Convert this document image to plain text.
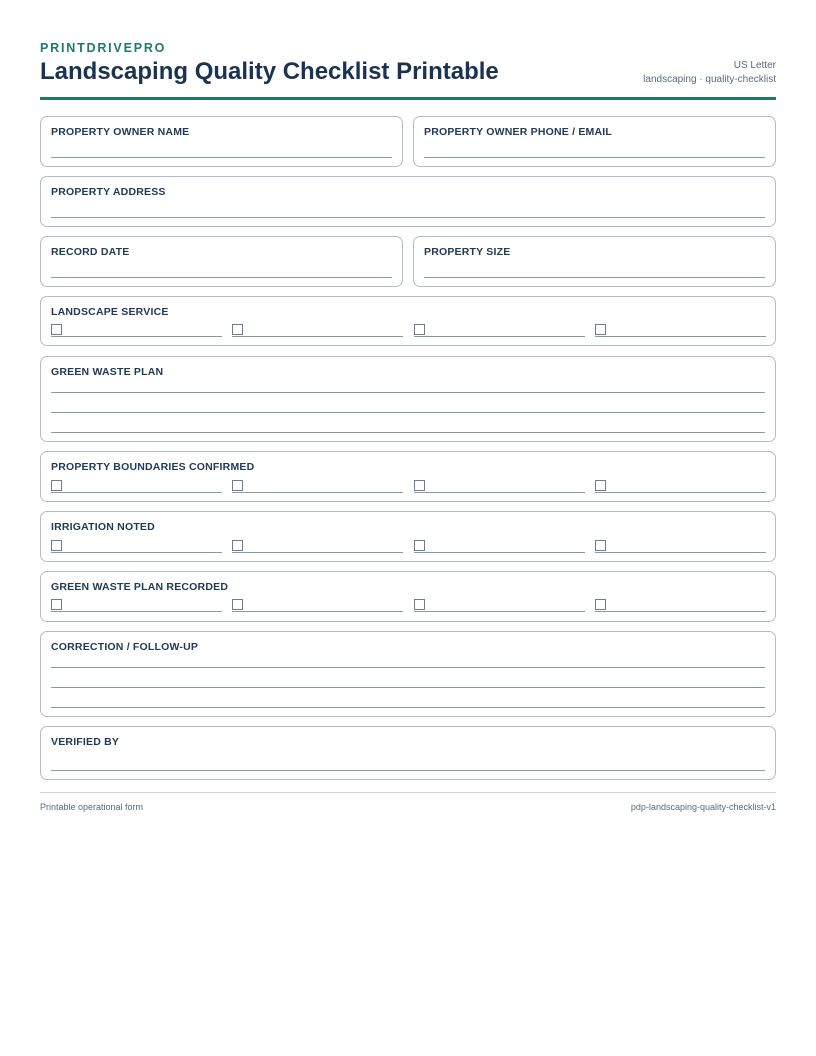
PRINTDRIVEPRO
Landscaping Quality Checklist Printable	US Letter
landscaping · quality-checklist
PROPERTY OWNER NAME	PROPERTY OWNER PHONE / EMAIL
PROPERTY ADDRESS
RECORD DATE	PROPERTY SIZE
LANDSCAPE SERVICE
GREEN WASTE PLAN
PROPERTY BOUNDARIES CONFIRMED
IRRIGATION NOTED
GREEN WASTE PLAN RECORDED
CORRECTION / FOLLOW-UP
VERIFIED BY
Printable operational form	pdp-landscaping-quality-checklist-v1
